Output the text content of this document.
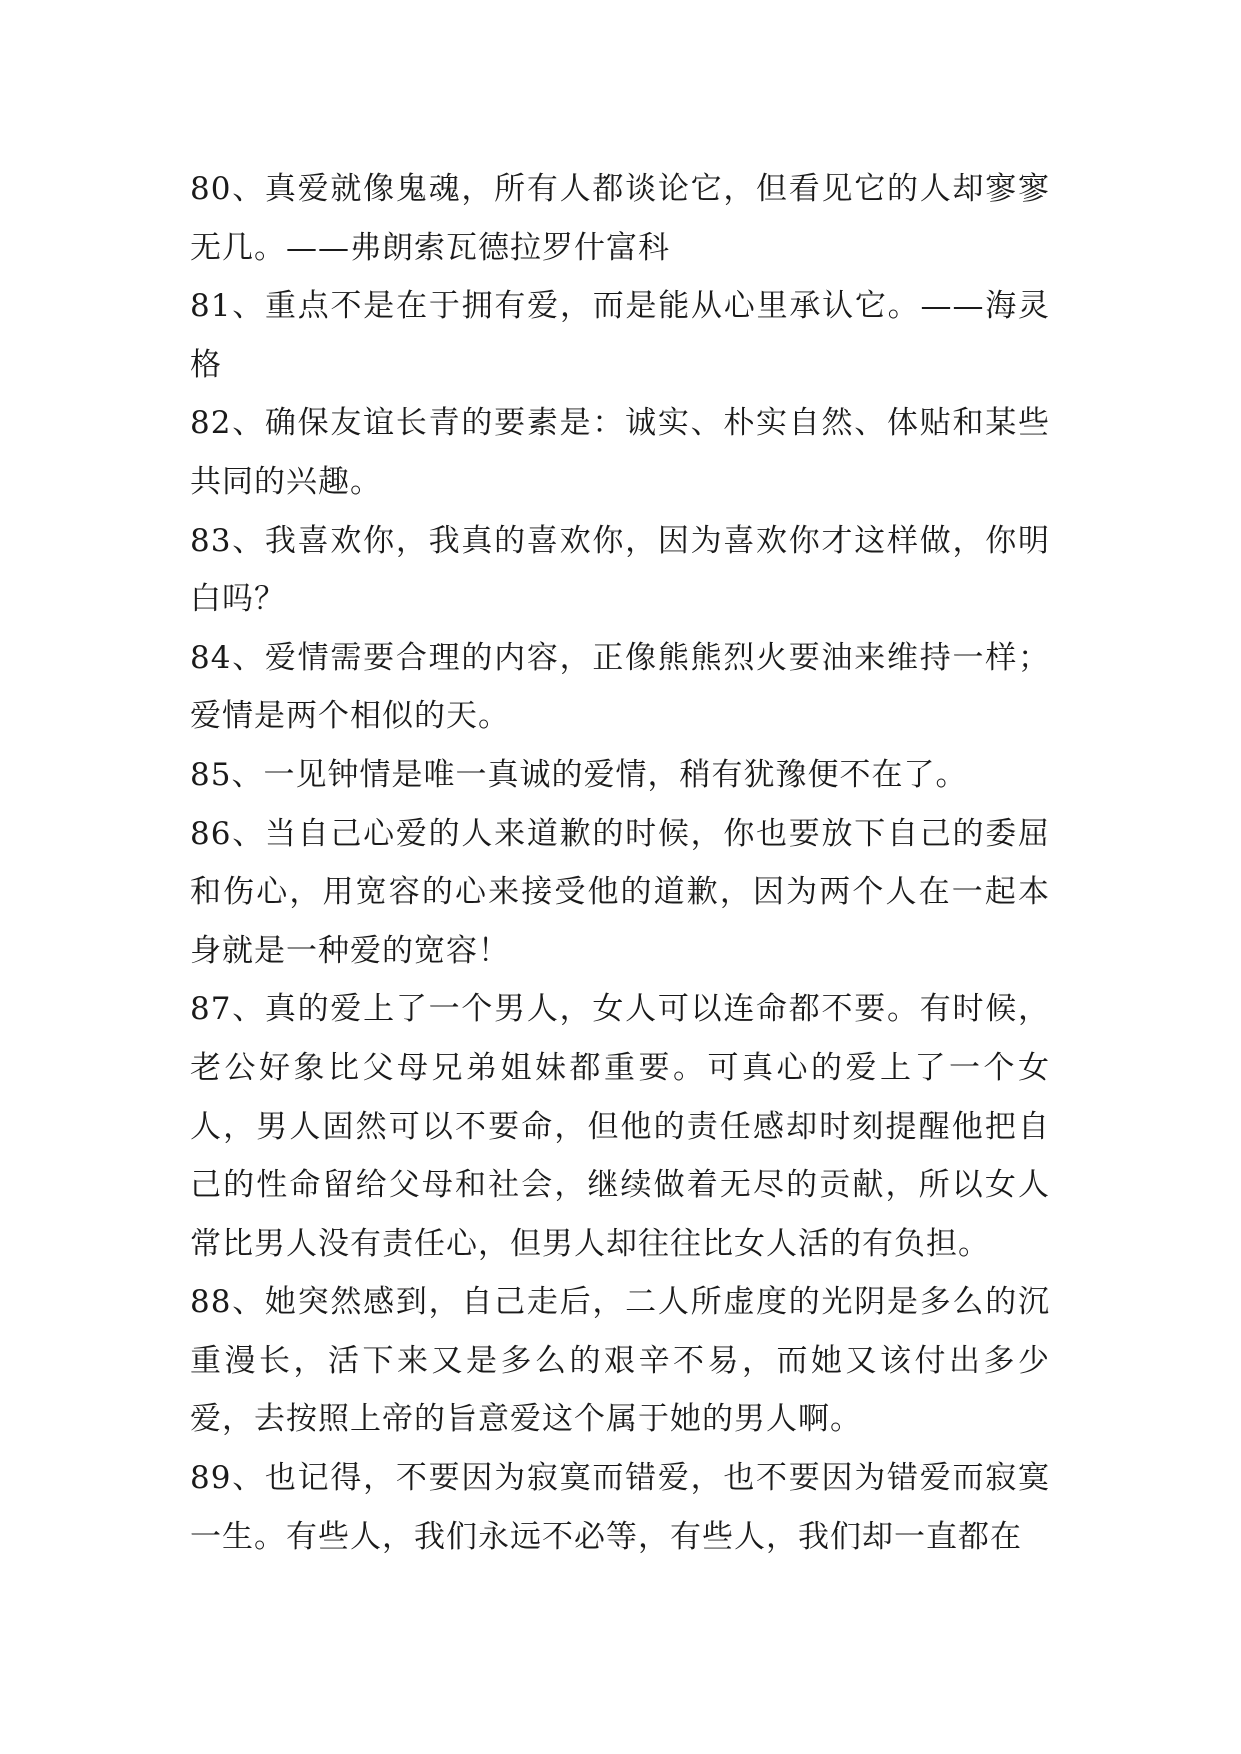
80、真爱就像鬼魂，所有人都谈论它，但看见它的人却寥寥无几。——弗朗索瓦德拉罗什富科

81、重点不是在于拥有爱，而是能从心里承认它。——海灵格

82、确保友谊长青的要素是：诚实、朴实自然、体贴和某些共同的兴趣。

83、我喜欢你，我真的喜欢你，因为喜欢你才这样做，你明白吗？

84、爱情需要合理的内容，正像熊熊烈火要油来维持一样；爱情是两个相似的天。

85、一见钟情是唯一真诚的爱情，稍有犹豫便不在了。

86、当自己心爱的人来道歉的时候，你也要放下自己的委屈和伤心，用宽容的心来接受他的道歉，因为两个人在一起本身就是一种爱的宽容！

87、真的爱上了一个男人，女人可以连命都不要。有时候，老公好象比父母兄弟姐妹都重要。可真心的爱上了一个女人，男人固然可以不要命，但他的责任感却时刻提醒他把自己的性命留给父母和社会，继续做着无尽的贡献，所以女人常比男人没有责任心，但男人却往往比女人活的有负担。

88、她突然感到，自己走后，二人所虚度的光阴是多么的沉重漫长，活下来又是多么的艰辛不易，而她又该付出多少爱，去按照上帝的旨意爱这个属于她的男人啊。

89、也记得，不要因为寂寞而错爱，也不要因为错爱而寂寞一生。有些人，我们永远不必等，有些人，我们却一直都在
